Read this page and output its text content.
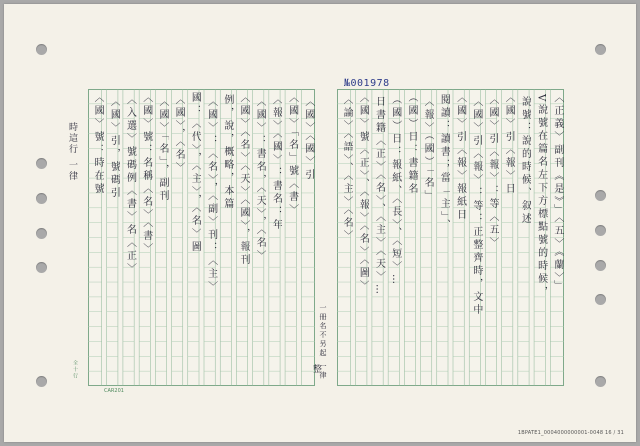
№001978
全 十 行
CAR201
1BPATE1_0004000000001-0048 16 / 31
時這行 一律
一冊名不另起 一律
整
〈正義〉副刊《是》」〈五〉《蘭〉」
V說號在篇名左下方標點號的時候，
說號：說的時候、叙述
〈國〉引〈報〉日
〈國〉引〈報〉：等〈五〉
〈國〉引〈報〉：等：正整齊時，文中
〈國〉引〈報〉報紙日
閱讀：讀書；當「主」、
〈報〉（國）「名」
（國）日：書籍名
（國）日：報紙、〈長〉、〈短〉…
日書籍〈正〉〈名〉、〈主〉〈天〉…
〈國〉號〈正〉、〈報〉〈名〉〈圖〉
〈論〉〈語〉、〈主〉〈名〉
〈國〉〈國〉引
〈國〉「名」號〈書〉
〈報〉〈國〉：書名：年
〈國〉：書名，〈天〉，〈名〉
〈國〉〈名〉〈天〉〈國〉，報刊
例，說，概略，本篇
〈國〉：〈名〉，〈副〉刊：〈主〉
國：〈代〉，〈主〉，〈名〉圖
〈國〉，〈名〉
〈國〉「名」，副刊
〈國〉號：名稱〈名〉〈書〉
〈入選〉號碼例〈書〉名〈正〉
〈國〉引，號碼引
〈國〉號：時在號
